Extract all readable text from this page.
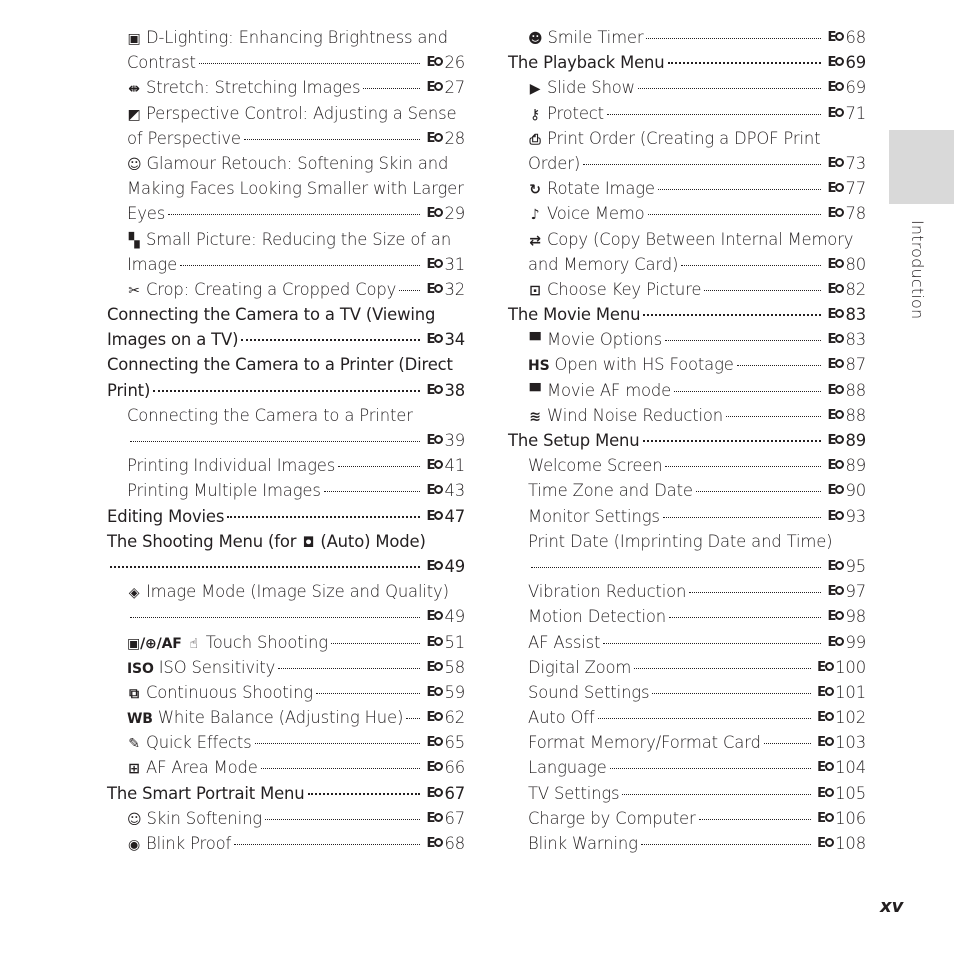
Introduction
▣ D-Lighting: Enhancing Brightness and
Contrast	E 26
⇼ Stretch: Stretching Images	E 27
◩ Perspective Control: Adjusting a Sense
of Perspective	E 28
☺ Glamour Retouch: Softening Skin and
Making Faces Looking Smaller with Larger
Eyes	E 29
▚ Small Picture: Reducing the Size of an
Image	E 31
✂ Crop: Creating a Cropped Copy E 32
Connecting the Camera to a TV (Viewing
Images on a TV)	E 34
Connecting the Camera to a Printer (Direct
Print)	E 38
Connecting the Camera to a Printer
E 39
Printing Individual Images	E 41
Printing Multiple Images	E 43
Editing Movies	E 47
The Shooting Menu (for ◘ (Auto) Mode)
E 49
◈ Image Mode (Image Size and Quality)
E 49
▣/⊕/AF ☝ Touch Shooting	E 51
ISO ISO Sensitivity	E 58
⧉ Continuous Shooting	E 59
WB White Balance (Adjusting Hue) E 62
✎ Quick Effects	E 65
⊞ AF Area Mode	E 66
The Smart Portrait Menu	E 67
☺ Skin Softening	E 67
◉ Blink Proof	E 68
☻ Smile Timer	E 68
The Playback Menu	E 69
▶ Slide Show	E 69
⚷ Protect	E 71
⎙ Print Order (Creating a DPOF Print
Order)	E 73
↻ Rotate Image	E 77
♪ Voice Memo	E 78
⇄ Copy (Copy Between Internal Memory
and Memory Card)	E 80
⊡ Choose Key Picture	E 82
The Movie Menu	E 83
▀ Movie Options	E 83
HS Open with HS Footage	E 87
▀ Movie AF mode	E 88
≋ Wind Noise Reduction	E 88
The Setup Menu	E 89
Welcome Screen	E 89
Time Zone and Date	E 90
Monitor Settings	E 93
Print Date (Imprinting Date and Time)
E 95
Vibration Reduction	E 97
Motion Detection	E 98
AF Assist	E 99
Digital Zoom	E 100
Sound Settings	E 101
Auto Off	E 102
Format Memory/Format Card	E 103
Language	E 104
TV Settings	E 105
Charge by Computer	E 106
Blink Warning	E 108
xv
